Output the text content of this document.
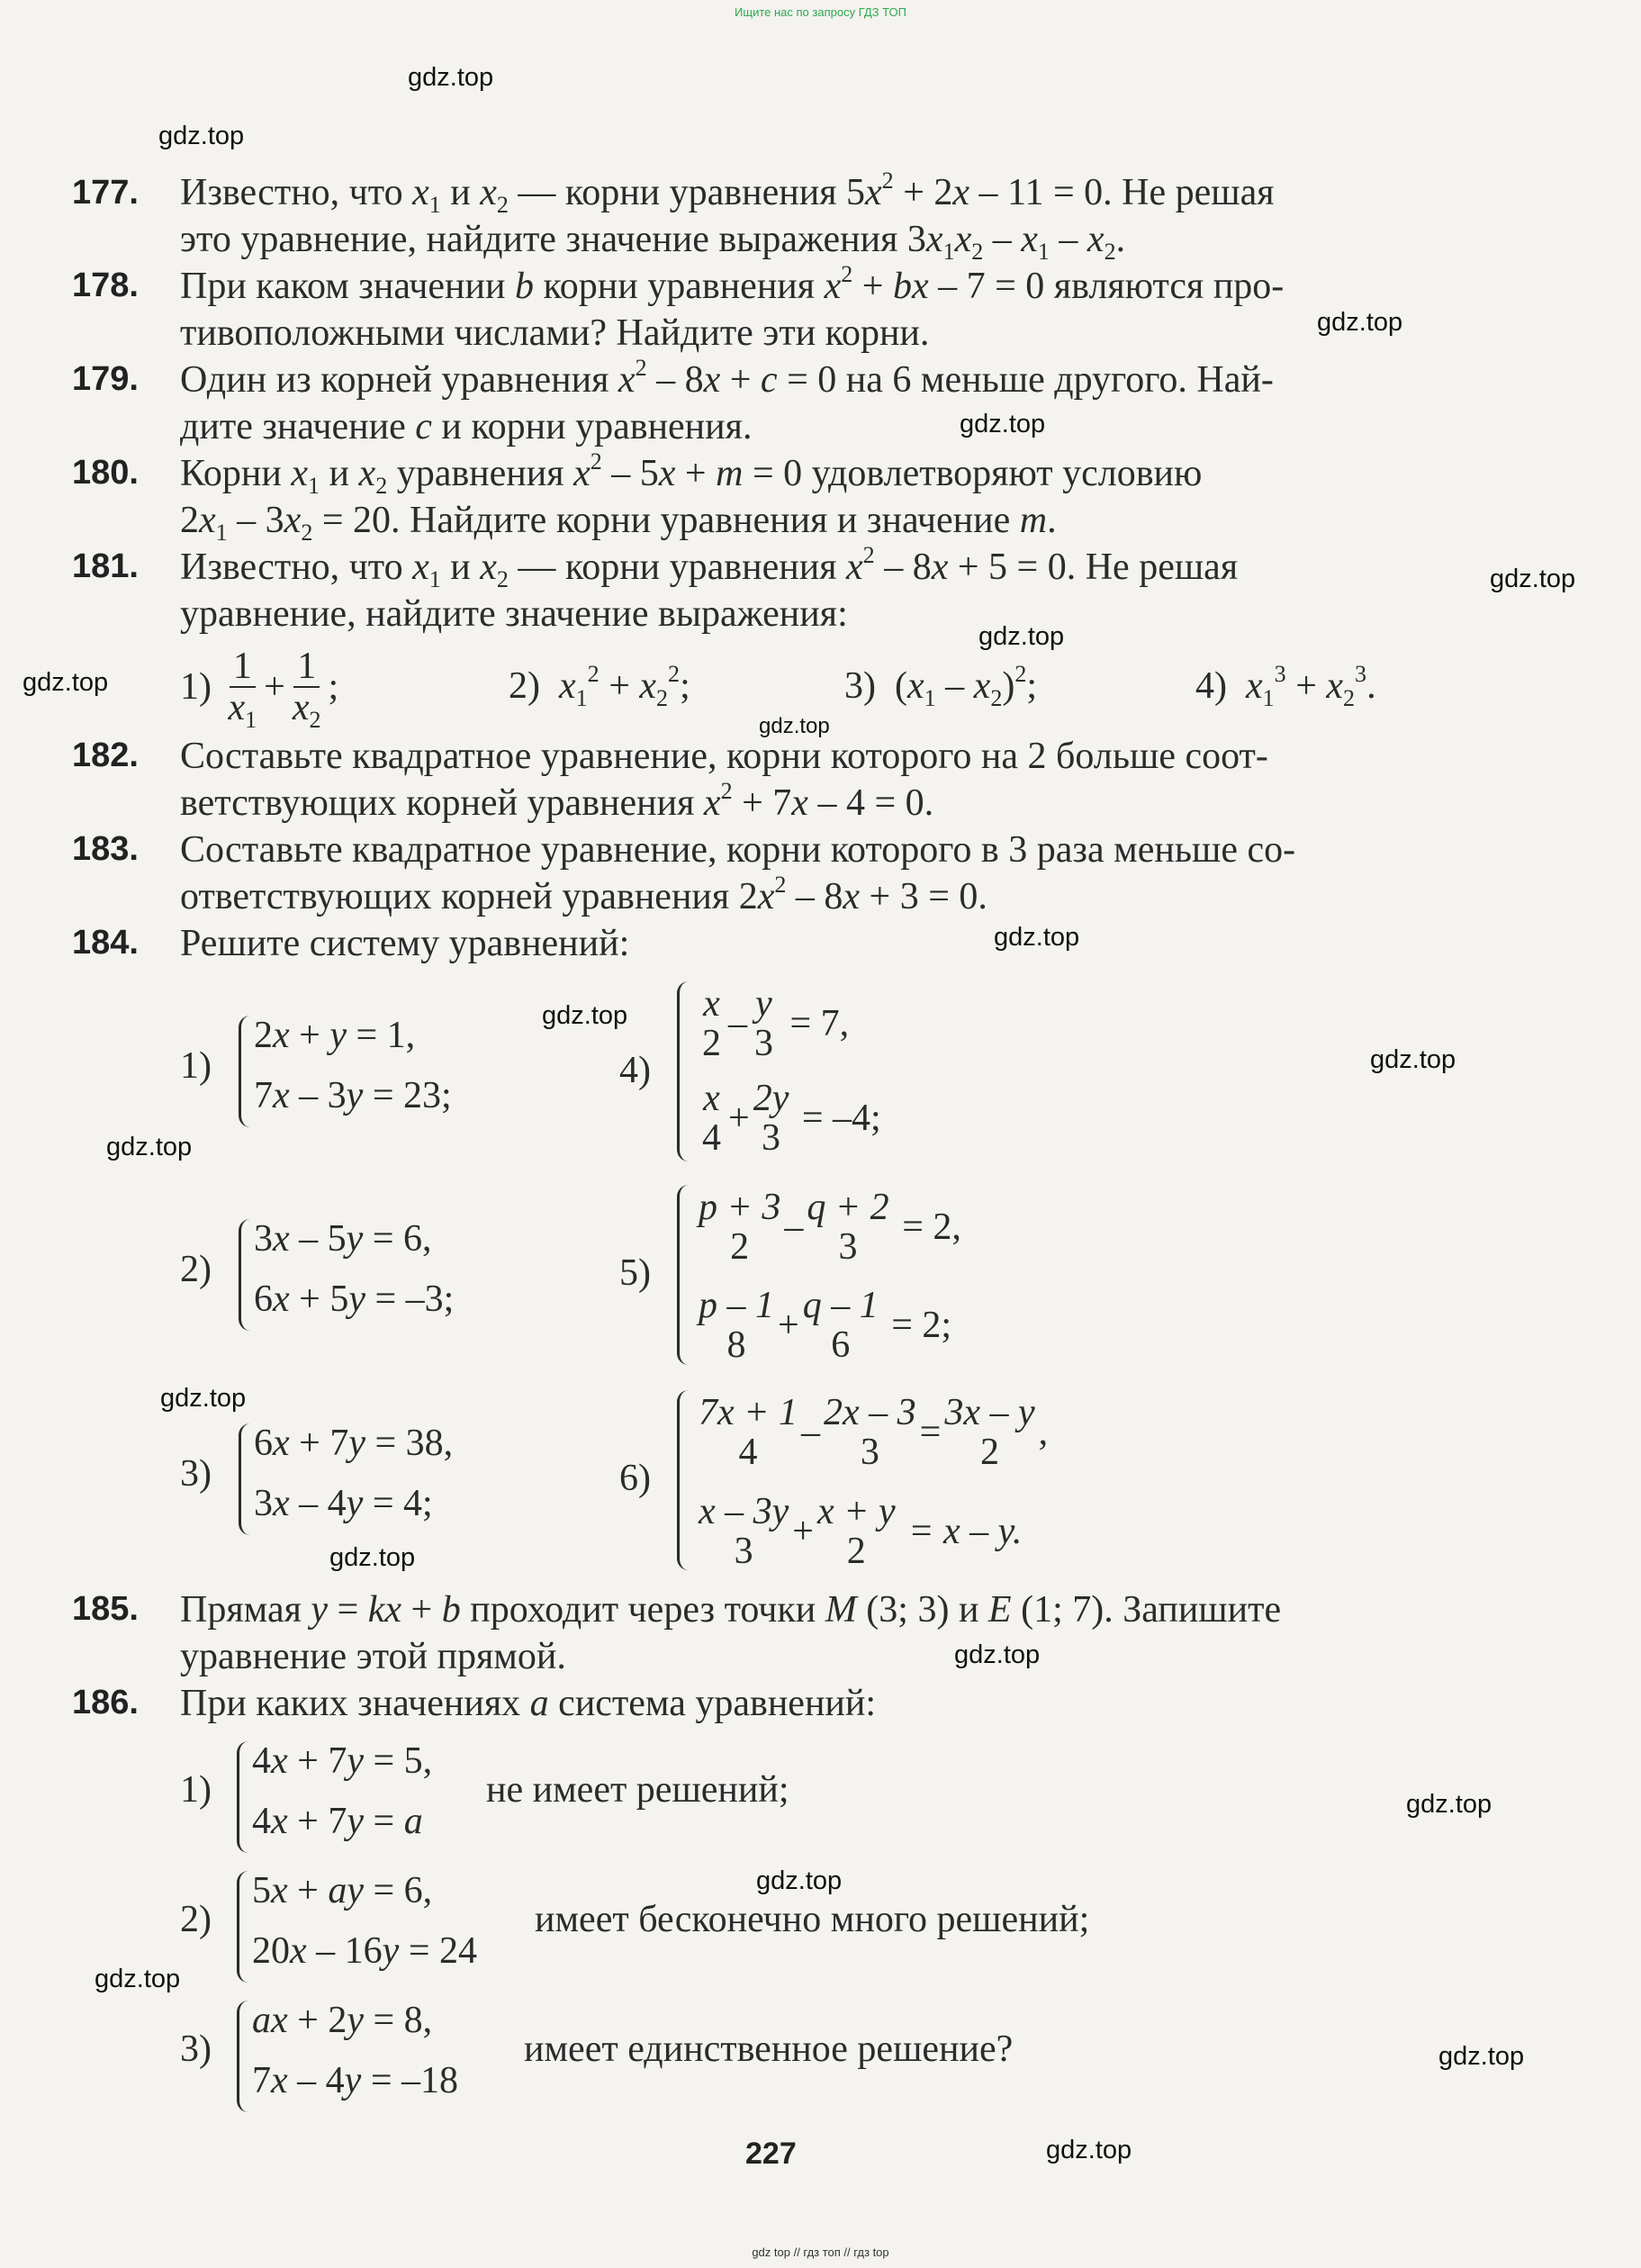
Ищите нас по запросу ГДЗ ТОП
gdz.top
gdz.top
gdz.top
gdz.top
gdz.top
gdz.top
gdz.top
gdz.top
gdz.top
gdz.top
gdz.top
gdz.top
gdz.top
gdz.top
gdz.top
gdz.top
gdz.top
gdz.top
gdz.top
gdz.top
177. Известно, что $x_1$ и $x_2$ — корни уравнения $5x^2 + 2x - 11 = 0$. Не решая
это уравнение, найдите значение выражения $3x_1x_2 - x_1 - x_2$.
178. При каком значении b корни уравнения $x^2$ + bx – 7 = 0 являются про-
тивоположными числами? Найдите эти корни.
179. Один из корней уравнения $x^2 - 8x + c = 0$ на 6 меньше другого. Най-
дите значение c и корни уравнения.
180. Корни $x_1$ и $x_2$ уравнения $x^2 - 5x + m = 0$ удовлетворяют условию
$2x_1 - 3x_2 = 20$. Найдите корни уравнения и значение m.
181. Известно, что $x_1$ и $x_2$ — корни уравнения $x^2 - 8x + 5 = 0$. Не решая
уравнение, найдите значение выражения:
1)
$\frac{1}{x_1} + \frac{1}{x_2}$ ;	2) $x_1^2 + x_2^2$;	3) $(x_1 - x_2)^2$;	4) $x_1^3 + x_2^3$.
182. Составьте квадратное уравнение, корни которого на 2 больше соот-
ветствующих корней уравнения $x^2 + 7x - 4 = 0$.
183. Составьте квадратное уравнение, корни которого в 3 раза меньше со-
ответствующих корней уравнения $2x^2 - 8x + 3 = 0$.
184. Решите систему уравнений:
1)
2x + y = 1,
7x – 3y = 23;
2)
3x – 5y = 6,
6x + 5y = –3;
3)
6x + 7y = 38,
3x – 4y = 4;
4)
x
2 – y
3
= 7,
x
4 + 2y
3
= –4;
5)
p + 3
2 – q + 2
3
= 2,
p – 1
8 + q – 1
6
= 2;
6)
7x + 1
4 – 2x – 3
3 = 3x – y
2 ,
x – 3y
3 + x + y
2
= x – y.
185. Прямая y = kx + b проходит через точки M (3; 3) и E (1; 7). Запишите
уравнение этой прямой.
186. При каких значениях a система уравнений:
1)
4x + 7y = 5,
4x + 7y = a
не имеет решений;
2)
5x + ay = 6,
20x – 16y = 24
имеет бесконечно много решений;
3)
ax + 2y = 8,
7x – 4y = –18
имеет единственное решение?
227
gdz top // гдз топ // гдз top
